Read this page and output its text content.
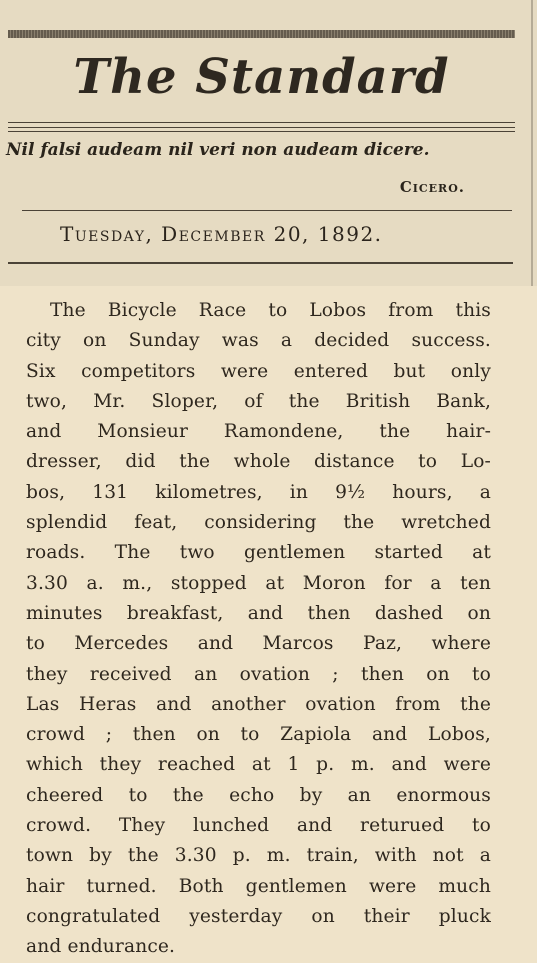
The Standard
Nil falsi audeam nil veri non audeam dicere.
Cicero.
Tuesday, December 20, 1892.
The Bicycle Race to Lobos from this
city on Sunday was a decided success.
Six competitors were entered but only
two, Mr. Sloper, of the British Bank,
and Monsieur Ramondene, the hair-
dresser, did the whole distance to Lo-
bos, 131 kilometres, in 9½ hours, a
splendid feat, considering the wretched
roads. The two gentlemen started at
3.30 a. m., stopped at Moron for a ten
minutes breakfast, and then dashed on
to Mercedes and Marcos Paz, where
they received an ovation ; then on to
Las Heras and another ovation from the
crowd ; then on to Zapiola and Lobos,
which they reached at 1 p. m. and were
cheered to the echo by an enormous
crowd. They lunched and returued to
town by the 3.30 p. m. train, with not a
hair turned. Both gentlemen were much
congratulated yesterday on their pluck
and endurance.
